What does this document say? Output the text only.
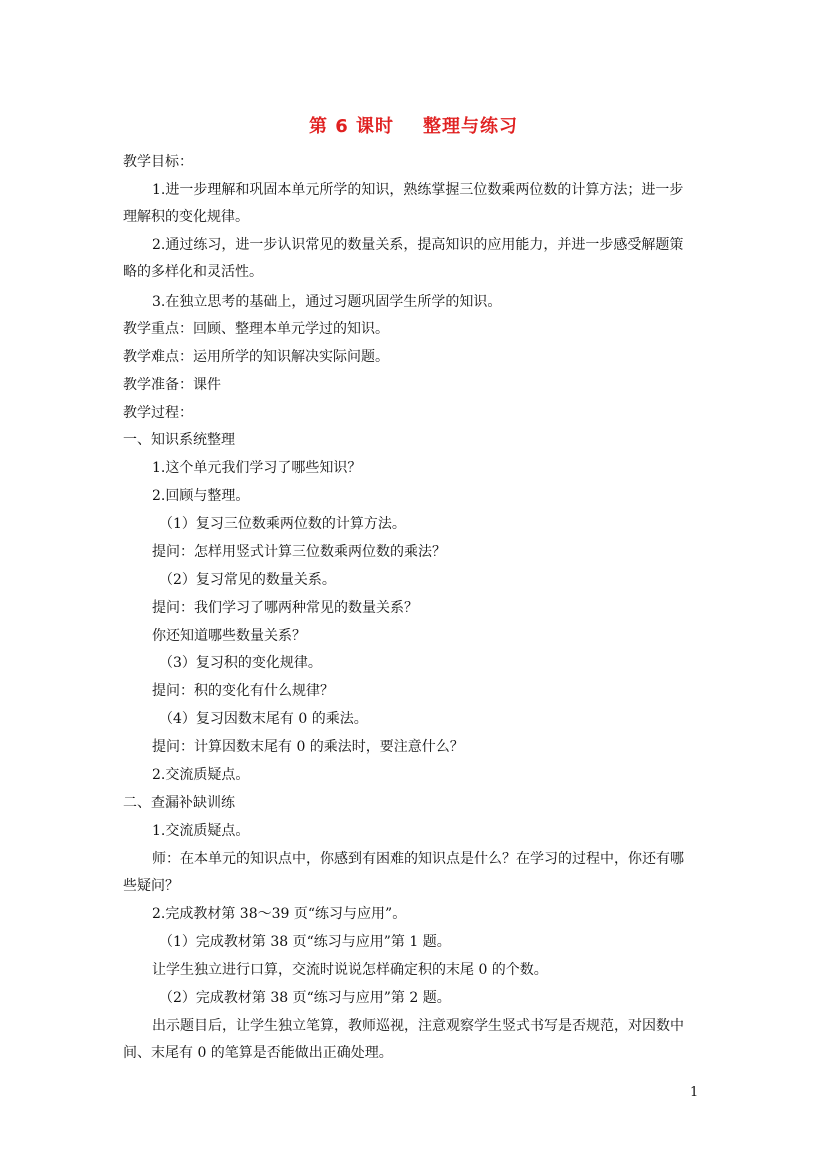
第 6 课时    整理与练习
教学目标：
1.进一步理解和巩固本单元所学的知识，熟练掌握三位数乘两位数的计算方法；进一步
理解积的变化规律。
2.通过练习，进一步认识常见的数量关系，提高知识的应用能力，并进一步感受解题策
略的多样化和灵活性。
3.在独立思考的基础上，通过习题巩固学生所学的知识。
教学重点：回顾、整理本单元学过的知识。
教学难点：运用所学的知识解决实际问题。
教学准备：课件
教学过程：
一、知识系统整理
1.这个单元我们学习了哪些知识？
2.回顾与整理。
（1）复习三位数乘两位数的计算方法。
提问：怎样用竖式计算三位数乘两位数的乘法？
（2）复习常见的数量关系。
提问：我们学习了哪两种常见的数量关系？
你还知道哪些数量关系？
（3）复习积的变化规律。
提问：积的变化有什么规律？
（4）复习因数末尾有 0 的乘法。
提问：计算因数末尾有 0 的乘法时，要注意什么？
2.交流质疑点。
二、查漏补缺训练
1.交流质疑点。
师：在本单元的知识点中，你感到有困难的知识点是什么？在学习的过程中，你还有哪
些疑问？
2.完成教材第 38～39 页“练习与应用”。
（1）完成教材第 38 页“练习与应用”第 1 题。
让学生独立进行口算，交流时说说怎样确定积的末尾 0 的个数。
（2）完成教材第 38 页“练习与应用”第 2 题。
出示题目后，让学生独立笔算，教师巡视，注意观察学生竖式书写是否规范，对因数中
间、末尾有 0 的笔算是否能做出正确处理。
1
